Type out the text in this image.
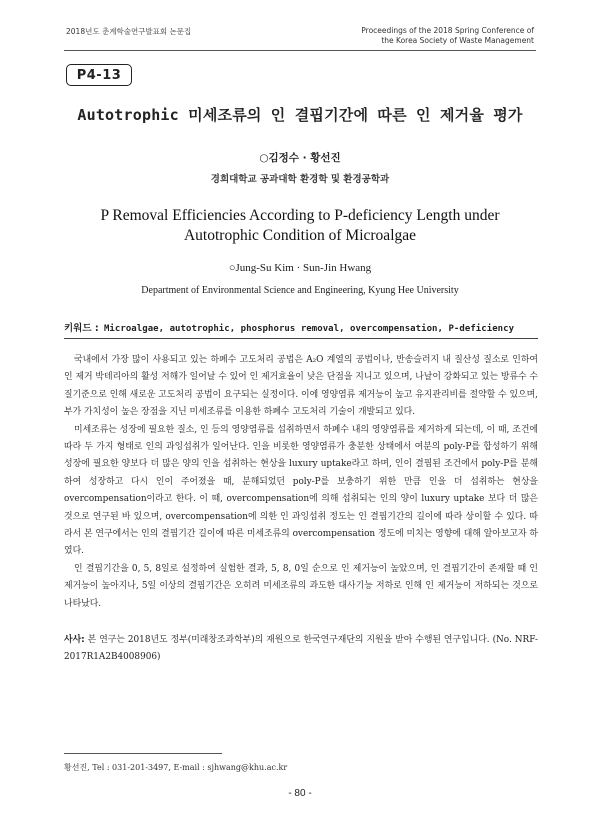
2018년도 춘계학술연구발표회 논문집	Proceedings of the 2018 Spring Conference of
the Korea Society of Waste Management
P4-13
Autotrophic 미세조류의 인 결핍기간에 따른 인 제거율 평가
○김정수 · 황선진
경희대학교 공과대학 환경학 및 환경공학과
P Removal Efficiencies According to P-deficiency Length under
Autotrophic Condition of Microalgae
○Jung-Su Kim · Sun-Jin Hwang
Department of Environmental Science and Engineering, Kyung Hee University
키워드 : Microalgae, autotrophic, phosphorus removal, overcompensation, P-deficiency

국내에서 가장 많이 사용되고 있는 하폐수 고도처리 공법은 A₂O 계열의 공법이나, 반송슬러지 내 질산성 질소로 인하여 인 제거 박테리아의 활성 저해가 일어날 수 있어 인 제거효율이 낮은 단점을 지니고 있으며, 나날이 강화되고 있는 방류수 수질기준으로 인해 새로운 고도처리 공법이 요구되는 실정이다. 이에 영양염류 제거능이 높고 유지관리비를 절약할 수 있으며, 부가 가치성이 높은 장점을 지닌 미세조류를 이용한 하폐수 고도처리 기술이 개발되고 있다.

미세조류는 성장에 필요한 질소, 인 등의 영양염류를 섭취하면서 하폐수 내의 영양염류를 제거하게 되는데, 이 때, 조건에 따라 두 가지 형태로 인의 과잉섭취가 일어난다. 인을 비롯한 영양염류가 충분한 상태에서 여분의 poly-P를 합성하기 위해 성장에 필요한 양보다 더 많은 양의 인을 섭취하는 현상을 luxury uptake라고 하며, 인이 결핍된 조건에서 poly-P를 분해하여 성장하고 다시 인이 주어졌을 때, 분해되었던 poly-P를 보충하기 위한 만큼 인을 더 섭취하는 현상을 overcompensation이라고 한다. 이 때, overcompensation에 의해 섭취되는 인의 양이 luxury uptake 보다 더 많은 것으로 연구된 바 있으며, overcompensation에 의한 인 과잉섭취 정도는 인 결핍기간의 길이에 따라 상이할 수 있다. 따라서 본 연구에서는 인의 결핍기간 길이에 따른 미세조류의 overcompensation 정도에 미치는 영향에 대해 알아보고자 하였다.

인 결핍기간을 0, 5, 8일로 설정하여 실험한 결과, 5, 8, 0일 순으로 인 제거능이 높았으며, 인 결핍기간이 존재할 때 인 제거능이 높아지나, 5일 이상의 결핍기간은 오히려 미세조류의 과도한 대사기능 저하로 인해 인 제거능이 저하되는 것으로 나타났다.

사사: 본 연구는 2018년도 정부(미래창조과학부)의 재원으로 한국연구재단의 지원을 받아 수행된 연구입니다. (No. NRF-2017R1A2B4008906)
황선진, Tel : 031-201-3497, E-mail : sjhwang@khu.ac.kr
- 80 -
